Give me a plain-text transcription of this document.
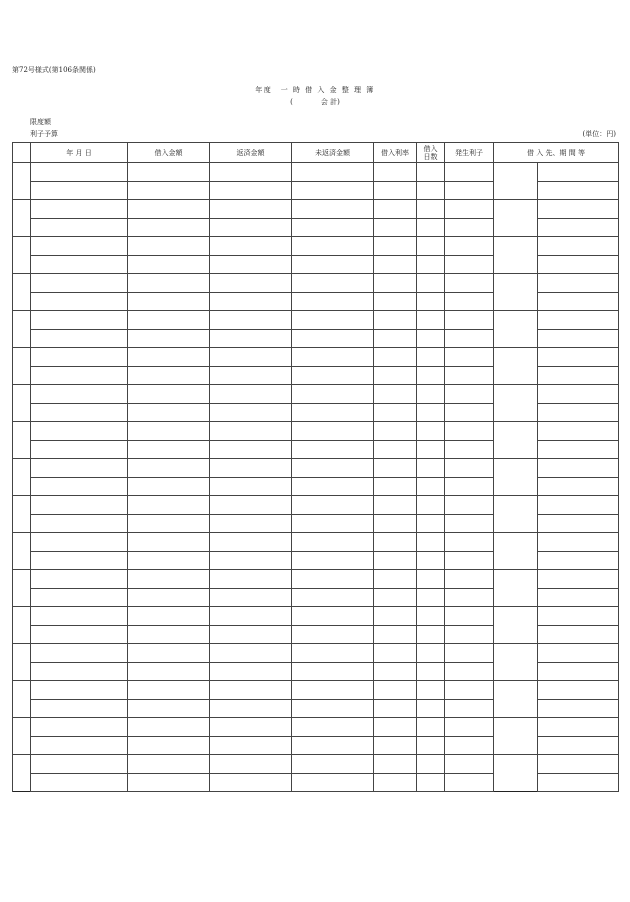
第72号様式(第106条関係)
年度　一 時 借 入 金 整 理 簿
(　　　　会 計)
限度額
利子予算	(単位：円)

	年 月 日	借入金額	返済金額	未返済金額	借入利率	借入日数	発生利子	借 入 先、期 間 等	
